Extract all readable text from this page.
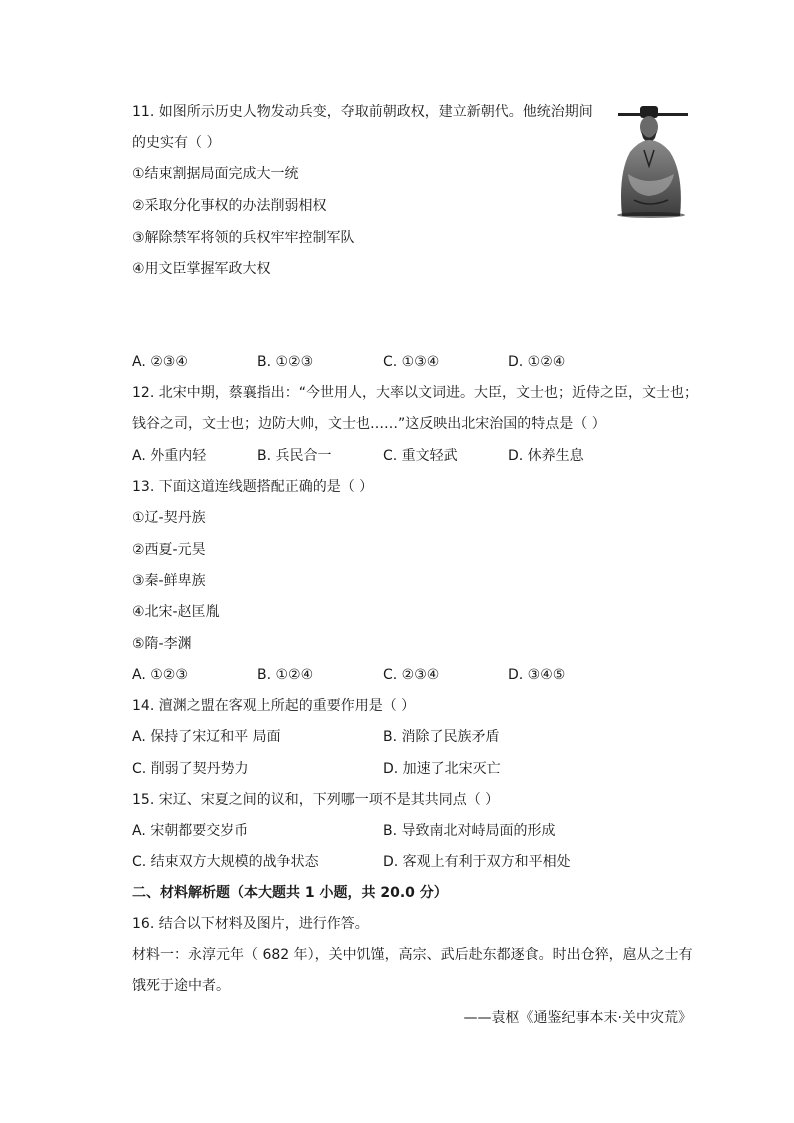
11. 如图所示历史人物发动兵变，夺取前朝政权，建立新朝代。他统治期间
的史实有（ ）
①结束割据局面完成大一统
②采取分化事权的办法削弱相权
③解除禁军将领的兵权牢牢控制军队
④用文臣掌握军政大权
A. ②③④	B. ①②③	C. ①③④	D. ①②④
12. 北宋中期，蔡襄指出：“今世用人，大率以文词进。大臣，文士也；近侍之臣，文士也；
钱谷之司，文士也；边防大帅，文士也……”这反映出北宋治国的特点是（ ）
A. 外重内轻	B. 兵民合一	C. 重文轻武	D. 休养生息
13. 下面这道连线题搭配正确的是（ ）
①辽-契丹族
②西夏-元昊
③秦-鲜卑族
④北宋-赵匡胤
⑤隋-李渊
A. ①②③	B. ①②④	C. ②③④	D. ③④⑤
14. 澶渊之盟在客观上所起的重要作用是（ ）
A. 保持了宋辽和平 局面	B. 消除了民族矛盾
C. 削弱了契丹势力	D. 加速了北宋灭亡
15. 宋辽、宋夏之间的议和，下列哪一项不是其共同点（ ）
A. 宋朝都要交岁币	B. 导致南北对峙局面的形成
C. 结束双方大规模的战争状态	D. 客观上有利于双方和平相处
二、材料解析题（本大题共 1 小题，共 20.0 分）
16. 结合以下材料及图片，进行作答。
材料一：永淳元年（ 682 年），关中饥馑，高宗、武后赴东都逐食。时出仓猝，扈从之士有
饿死于途中者。
——袁枢《通鉴纪事本末·关中灾荒》
